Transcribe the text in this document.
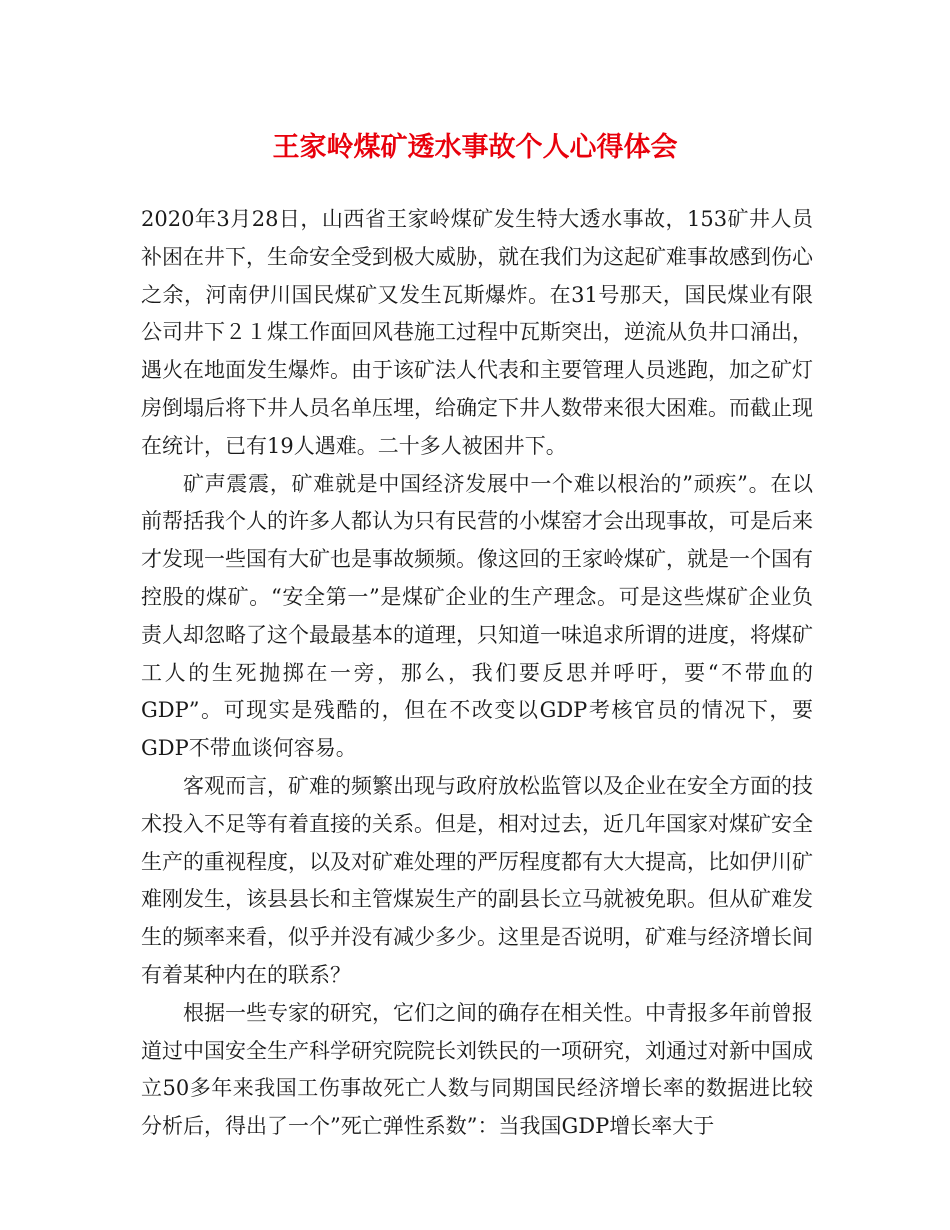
王家岭煤矿透水事故个人心得体会

2020年3月28日，山西省王家岭煤矿发生特大透水事故，153矿井人员补困在井下，生命安全受到极大威胁，就在我们为这起矿难事故感到伤心之余，河南伊川国民煤矿又发生瓦斯爆炸。在31号那天，国民煤业有限公司井下２１煤工作面回风巷施工过程中瓦斯突出，逆流从负井口涌出，遇火在地面发生爆炸。由于该矿法人代表和主要管理人员逃跑，加之矿灯房倒塌后将下井人员名单压埋，给确定下井人数带来很大困难。而截止现在统计，已有19人遇难。二十多人被困井下。

矿声震震，矿难就是中国经济发展中一个难以根治的”顽疾”。在以前帮括我个人的许多人都认为只有民营的小煤窑才会出现事故，可是后来才发现一些国有大矿也是事故频频。像这回的王家岭煤矿，就是一个国有控股的煤矿。“安全第一”是煤矿企业的生产理念。可是这些煤矿企业负责人却忽略了这个最最基本的道理，只知道一味追求所谓的进度，将煤矿工人的生死抛掷在一旁，那么，我们要反思并呼吁，要“不带血的GDP”。可现实是残酷的，但在不改变以GDP考核官员的情况下，要GDP不带血谈何容易。

客观而言，矿难的频繁出现与政府放松监管以及企业在安全方面的技术投入不足等有着直接的关系。但是，相对过去，近几年国家对煤矿安全生产的重视程度，以及对矿难处理的严厉程度都有大大提高，比如伊川矿难刚发生，该县县长和主管煤炭生产的副县长立马就被免职。但从矿难发生的频率来看，似乎并没有减少多少。这里是否说明，矿难与经济增长间有着某种内在的联系？

根据一些专家的研究，它们之间的确存在相关性。中青报多年前曾报道过中国安全生产科学研究院院长刘铁民的一项研究，刘通过对新中国成立50多年来我国工伤事故死亡人数与同期国民经济增长率的数据进比较分析后，得出了一个”死亡弹性系数”：当我国GDP增长率大于
